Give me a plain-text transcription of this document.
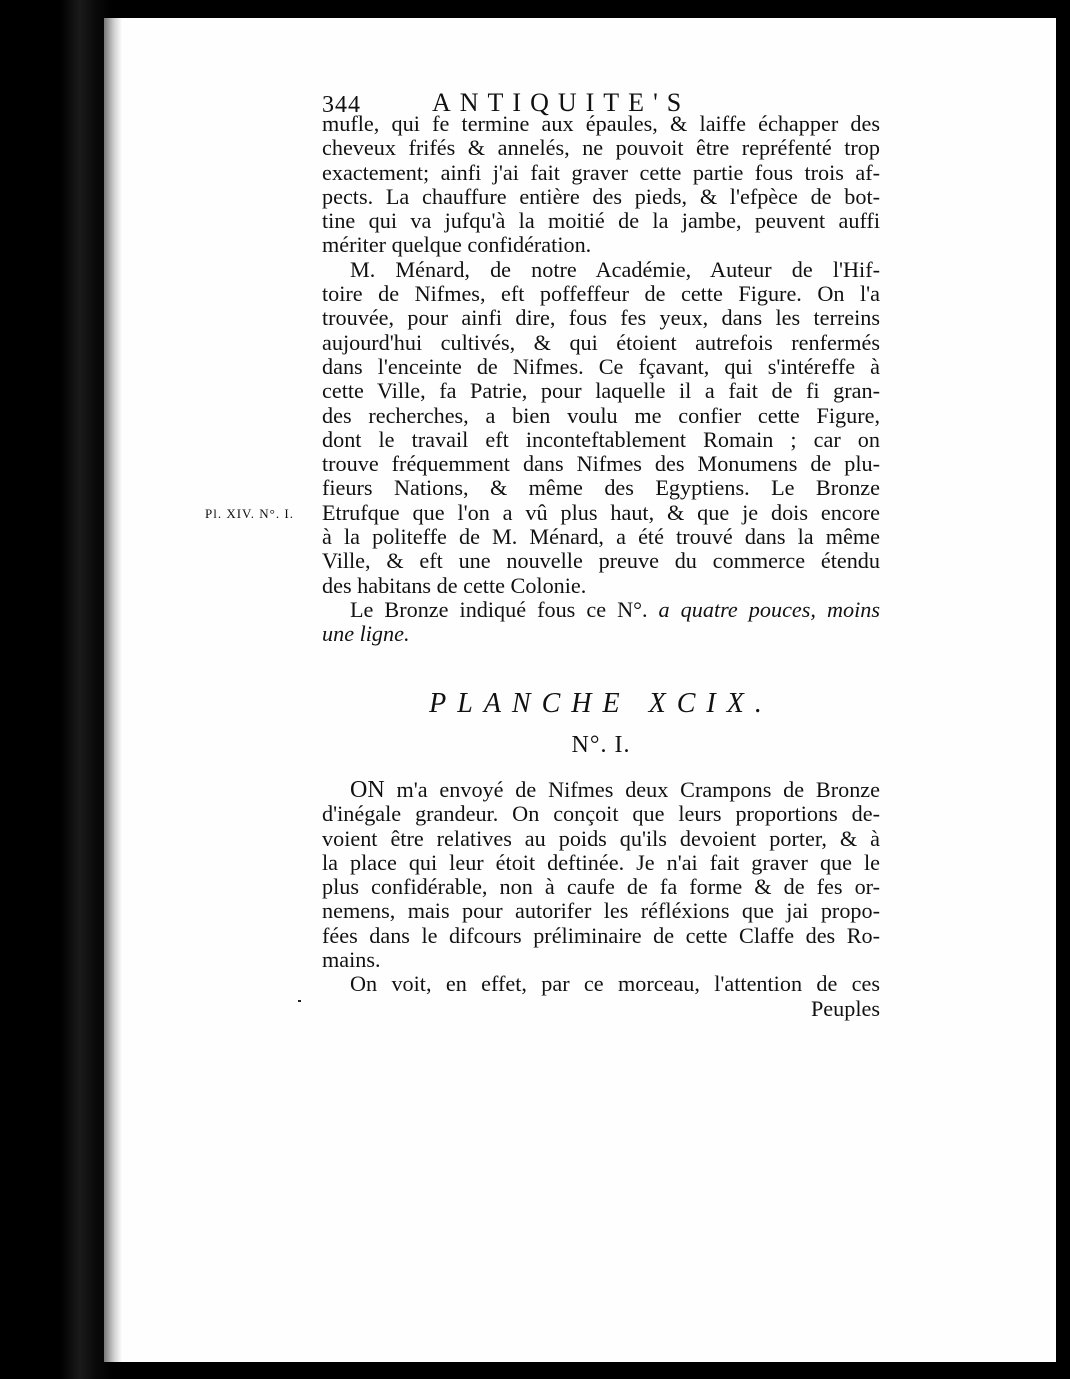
344	ANTIQUITE'S
Pl. XIV. N°. I.
mufle, qui fe termine aux épaules, & laiffe échapper des
cheveux frifés & annelés, ne pouvoit être repréfenté trop
exactement; ainfi j'ai fait graver cette partie fous trois af-
pects. La chauffure entière des pieds, & l'efpèce de bot-
tine qui va jufqu'à la moitié de la jambe, peuvent auffi
mériter quelque confidération.
M. Ménard, de notre Académie, Auteur de l'Hif-
toire de Nifmes, eft poffeffeur de cette Figure. On l'a
trouvée, pour ainfi dire, fous fes yeux, dans les terreins
aujourd'hui cultivés, & qui étoient autrefois renfermés
dans l'enceinte de Nifmes. Ce fçavant, qui s'intéreffe à
cette Ville, fa Patrie, pour laquelle il a fait de fi gran-
des recherches, a bien voulu me confier cette Figure,
dont le travail eft inconteftablement Romain ; car on
trouve fréquemment dans Nifmes des Monumens de plu-
fieurs Nations, & même des Egyptiens. Le Bronze
Etrufque que l'on a vû plus haut, & que je dois encore
à la politeffe de M. Ménard, a été trouvé dans la même
Ville, & eft une nouvelle preuve du commerce étendu
des habitans de cette Colonie.
Le Bronze indiqué fous ce N°. a quatre pouces, moins
une ligne.
PLANCHE XCIX.
N°. I.
ON m'a envoyé de Nifmes deux Crampons de Bronze
d'inégale grandeur. On conçoit que leurs proportions de-
voient être relatives au poids qu'ils devoient porter, & à
la place qui leur étoit deftinée. Je n'ai fait graver que le
plus confidérable, non à caufe de fa forme & de fes or-
nemens, mais pour autorifer les réfléxions que jai propo-
fées dans le difcours préliminaire de cette Claffe des Ro-
mains.
On voit, en effet, par ce morceau, l'attention de ces
Peuples
